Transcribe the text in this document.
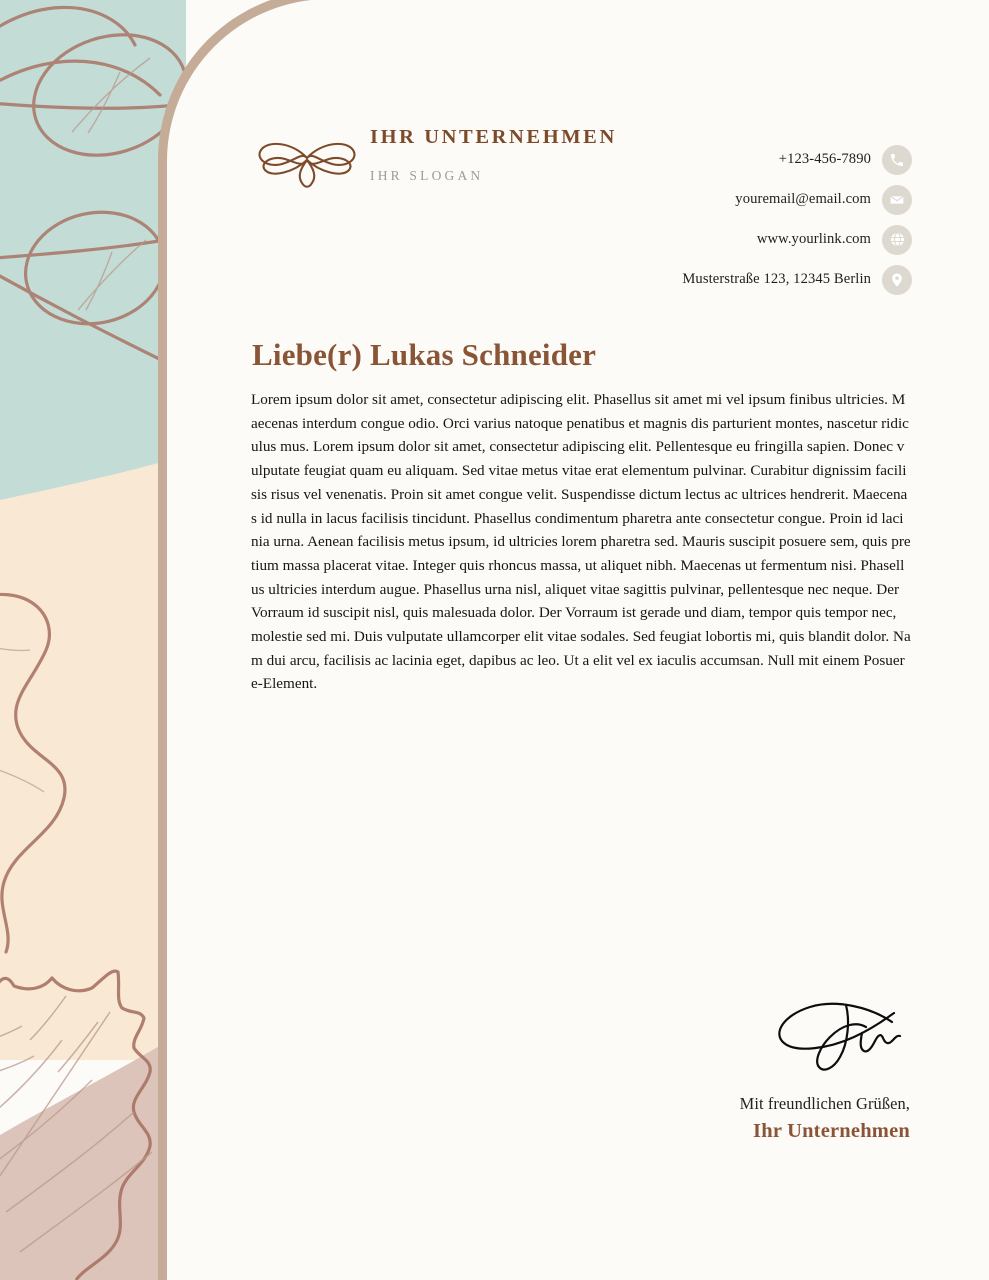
IHR UNTERNEHMEN

IHR SLOGAN

+123-456-7890
youremail@email.com
www.yourlink.com
Musterstraße 123, 12345 Berlin
Liebe(r) Lukas Schneider

Lorem ipsum dolor sit amet, consectetur adipiscing elit. Phasellus sit amet mi vel ipsum finibus ultricies. Maecenas interdum congue odio. Orci varius natoque penatibus et magnis dis parturient montes, nascetur ridiculus mus. Lorem ipsum dolor sit amet, consectetur adipiscing elit. Pellentesque eu fringilla sapien. Donec vulputate feugiat quam eu aliquam. Sed vitae metus vitae erat elementum pulvinar. Curabitur dignissim facilisis risus vel venenatis. Proin sit amet congue velit. Suspendisse dictum lectus ac ultrices hendrerit. Maecenas id nulla in lacus facilisis tincidunt. Phasellus condimentum pharetra ante consectetur congue. Proin id lacinia urna. Aenean facilisis metus ipsum, id ultricies lorem pharetra sed. Mauris suscipit posuere sem, quis pretium massa placerat vitae. Integer quis rhoncus massa, ut aliquet nibh. Maecenas ut fermentum nisi. Phasellus ultricies interdum augue. Phasellus urna nisl, aliquet vitae sagittis pulvinar, pellentesque nec neque. Der Vorraum id suscipit nisl, quis malesuada dolor. Der Vorraum ist gerade und diam, tempor quis tempor nec, molestie sed mi. Duis vulputate ullamcorper elit vitae sodales. Sed feugiat lobortis mi, quis blandit dolor. Nam dui arcu, facilisis ac lacinia eget, dapibus ac leo. Ut a elit vel ex iaculis accumsan. Null mit einem Posuere-Element.

Mit freundlichen Grüßen,

Ihr Unternehmen
